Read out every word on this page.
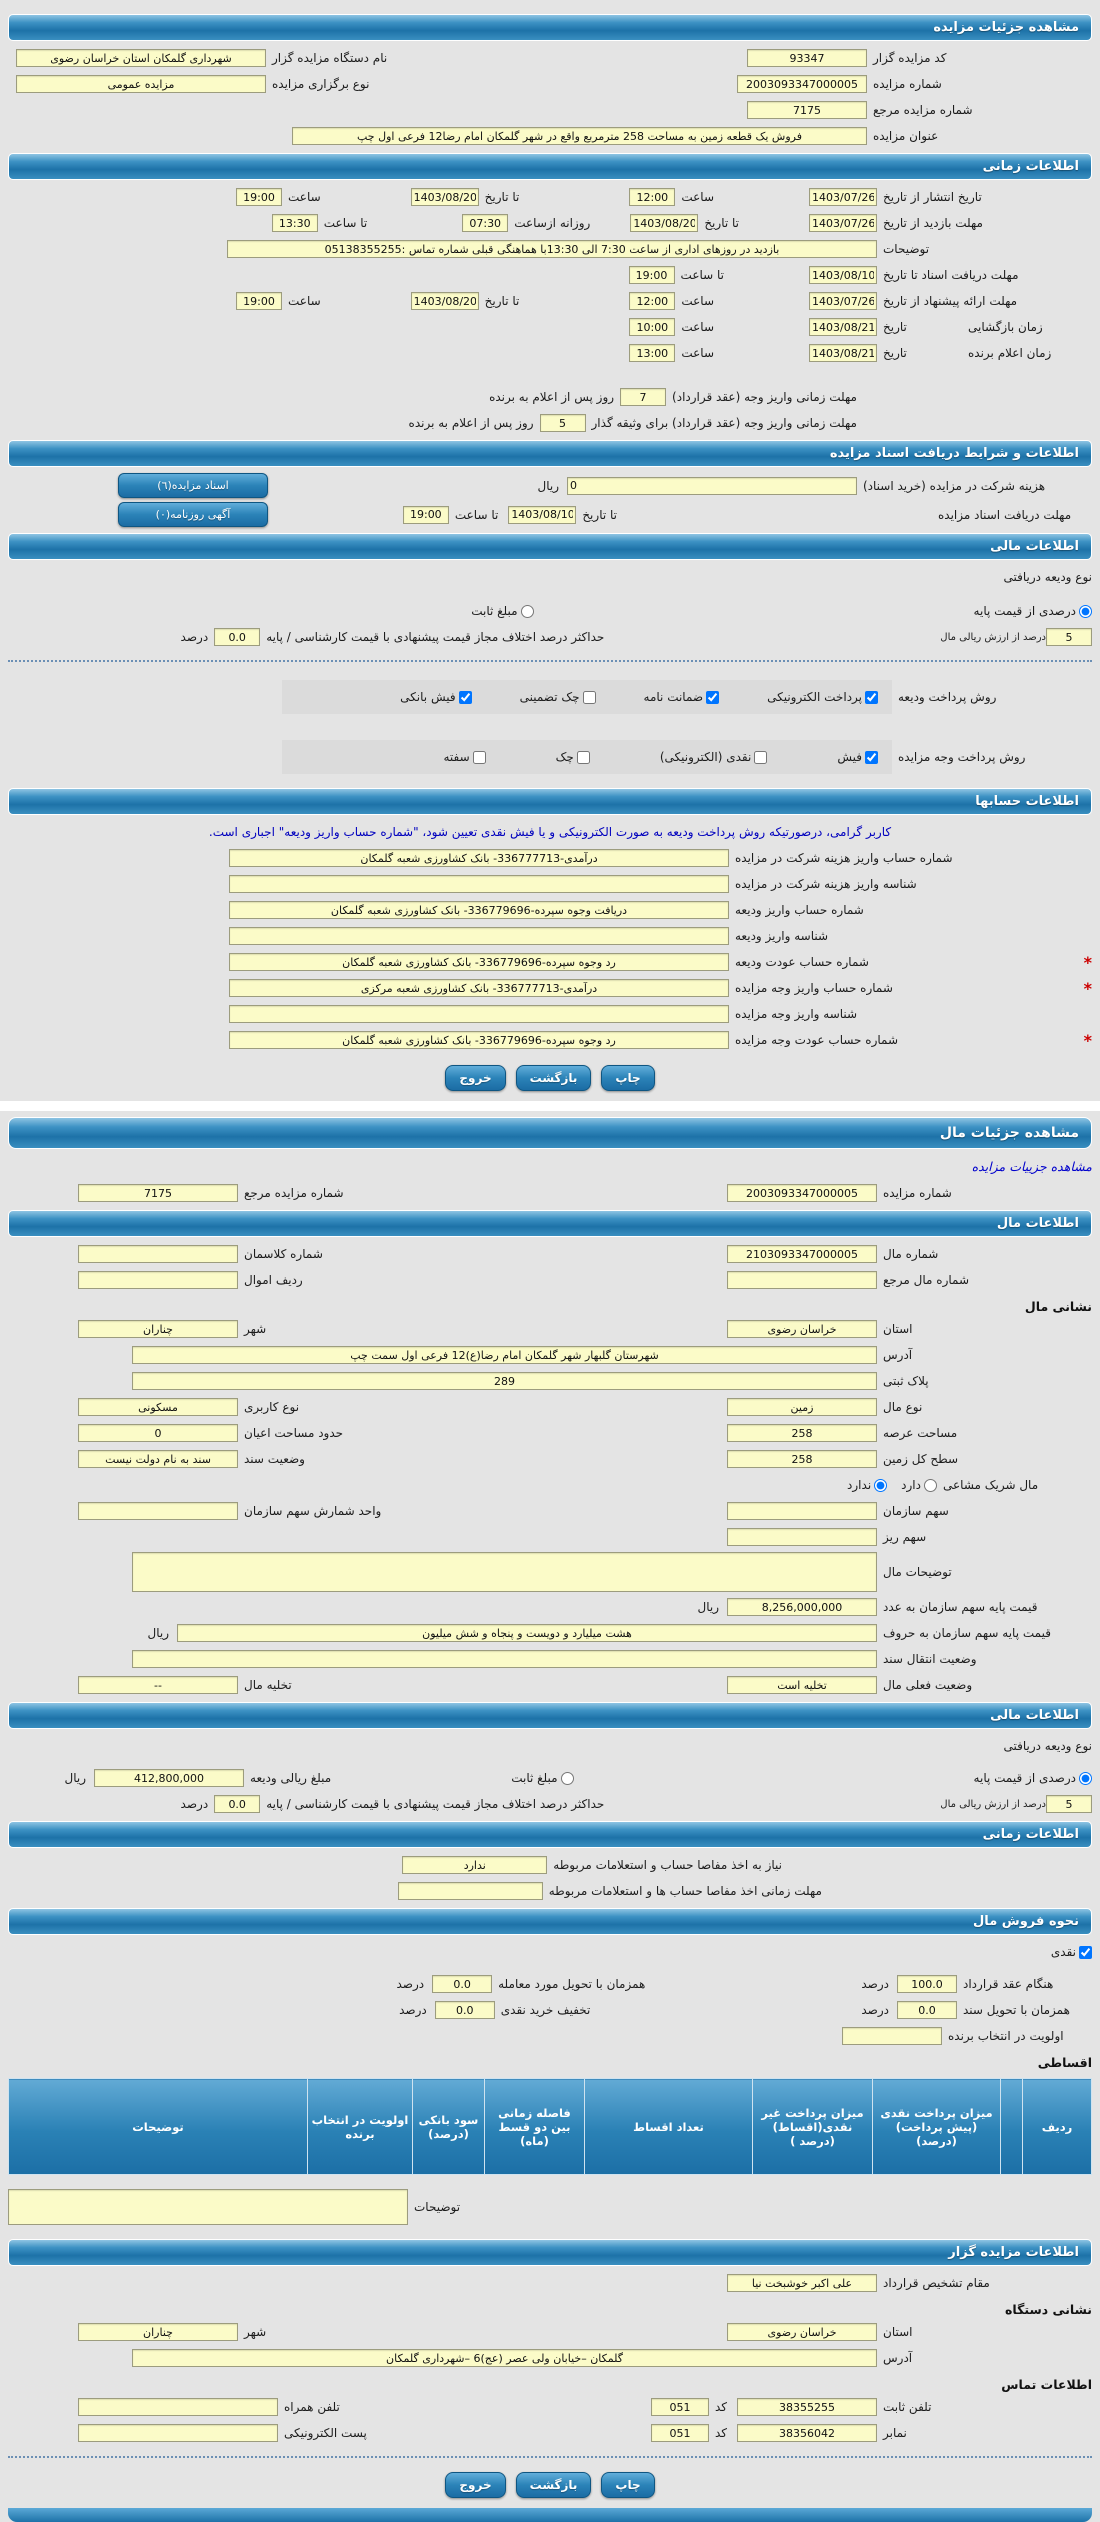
مشاهده جزئیات مزایده
کد مزایده گزار
93347
نام دستگاه مزایده گزار
شهرداری گلمکان استان خراسان رضوی
شماره مزایده
2003093347000005
نوع برگزاری مزایده
مزایده عمومی
شماره مزایده مرجع
7175
عنوان مزایده
فروش یک قطعه زمین به مساحت 258 مترمربع واقع در شهر گلمکان امام رضا12 فرعی اول چپ
اطلاعات زمانی
تاریخ انتشار از تاریخ
1403/07/26
ساعت
12:00
تا تاریخ
1403/08/20
ساعت
19:00
مهلت بازدید از تاریخ
1403/07/26
تا تاریخ
1403/08/20
روزانه ازساعت
07:30
تا ساعت
13:30
توضیحات
بازدید در روزهای اداری از ساعت 7:30 الی 13:30با هماهنگی قبلی شماره تماس :05138355255
مهلت دریافت اسناد تا تاریخ
1403/08/10
تا ساعت
19:00
مهلت ارائه پیشنهاد از تاریخ
1403/07/26
ساعت
12:00
تا تاریخ
1403/08/20
ساعت
19:00
زمان بازگشایی
تاریخ
1403/08/21
ساعت
10:00
زمان اعلام برنده
تاریخ
1403/08/21
ساعت
13:00
مهلت زمانی واریز وجه (عقد قرارداد)
7
روز پس از اعلام به برنده
مهلت زمانی واریز وجه (عقد قرارداد) برای وثیقه گذار
5
روز پس از اعلام به برنده
اطلاعات و شرایط دریافت اسناد مزایده
هزینه شرکت در مزایده (خرید اسناد)
0
ریال
اسناد مزایده(٦)
مهلت دریافت اسناد مزایده
تا تاریخ
1403/08/10
تا ساعت
19:00
آگهی روزنامه(٠)
اطلاعات مالی
نوع ودیعه دریافتی
درصدی از قیمت پایه
مبلغ ثابت
5
درصد از ارزش ریالی مال
حداکثر درصد اختلاف مجاز قیمت پیشنهادی با قیمت کارشناسی / پایه
0.0
درصد
روش پرداخت ودیعه
پرداخت الکترونیکی
ضمانت نامه
چک تضمینی
فیش بانکی
روش پرداخت وجه مزایده
فیش
نقدی (الکترونیکی)
چک
سفته
اطلاعات حسابها
کاربر گرامی، درصورتیکه روش پرداخت ودیعه به صورت الکترونیکی و یا فیش نقدی تعیین شود، "شماره حساب واریز ودیعه" اجباری است.
شماره حساب واریز هزینه شرکت در مزایده
درآمدی-336777713- بانک کشاورزی شعبه گلمکان
شناسه واریز هزینه شرکت در مزایده
شماره حساب واریز ودیعه
دریافت وجوه سپرده-336779696- بانک کشاورزی شعبه گلمکان
شناسه واریز ودیعه
*
شماره حساب عودت ودیعه
رد وجوه سپرده-336779696- بانک کشاورزی شعبه گلمکان
*
شماره حساب واریز وجه مزایده
درآمدی-336777713- بانک کشاورزی شعبه مرکزی
شناسه واریز وجه مزایده
*
شماره حساب عودت وجه مزایده
رد وجوه سپرده-336779696- بانک کشاورزی شعبه گلمکان
چاپ
بازگشت
خروج
مشاهده جزئیات مال
مشاهده جزییات مزایده
شماره مزایده
2003093347000005
شماره مزایده مرجع
7175
اطلاعات مال
شماره مال
2103093347000005
شماره کلاسمان
شماره مال مرجع
ردیف اموال
نشانی مال
استان
خراسان رضوی
شهر
چناران
آدرس
شهرستان گلبهار شهر گلمکان امام رضا(ع)12 فرعی اول سمت چپ
پلاک ثبتی
289
نوع مال
زمین
نوع کاربری
مسکونی
مساحت عرصه
258
حدود مساحت اعیان
0
سطح کل زمین
258
وضعیت سند
سند به نام دولت نیست
مال شریک مشاعی
دارد
ندارد
سهم سازمان
واحد شمارش سهم سازمان
سهم ریز
توضیحات مال
قیمت پایه سهم سازمان به عدد
8,256,000,000
ریال
قیمت پایه سهم سازمان به حروف
هشت میلیارد و دویست و پنجاه و شش میلیون
ریال
وضعیت انتقال سند
وضعیت فعلی مال
تخلیه است
تخلیه مال
--
اطلاعات مالی
نوع ودیعه دریافتی
درصدی از قیمت پایه
مبلغ ثابت
مبلغ ریالی ودیعه
412,800,000
ریال
5
درصد از ارزش ریالی مال
حداکثر درصد اختلاف مجاز قیمت پیشنهادی با قیمت کارشناسی / پایه
0.0
درصد
اطلاعات زمانی
نیاز به اخذ مفاصا حساب و استعلامات مربوطه
ندارد
مهلت زمانی اخذ مفاصا حساب ها و استعلامات مربوطه
نحوه فروش مال
نقدی
هنگام عقد قرارداد
100.0
درصد
همزمان با تحویل مورد معامله
0.0
درصد
همزمان با تحویل سند
0.0
درصد
تخفیف خرید نقدی
0.0
درصد
اولویت در انتخاب برنده
اقساطی
ردیف		میزان پرداخت نقدی (پیش پرداخت) (درصد)	میزان پرداخت غیر نقدی(اقساط) (درصد )	تعداد اقساط	فاصله زمانی بین دو قسط (ماه)	سود بانکی (درصد)	اولویت در انتخاب برنده	توضیحات
توضیحات
اطلاعات مزایده گزار
مقام تشخیص قرارداد
علی اکبر خوشبخت نیا
نشانی دستگاه
استان
خراسان رضوی
شهر
چناران
آدرس
گلمکان –خیابان ولی عصر (عج)6 –شهرداری گلمکان
اطلاعات تماس
تلفن ثابت
38355255
کد
051
تلفن همراه
نمابر
38356042
کد
051
پست الکترونیکی
چاپ
بازگشت
خروج
